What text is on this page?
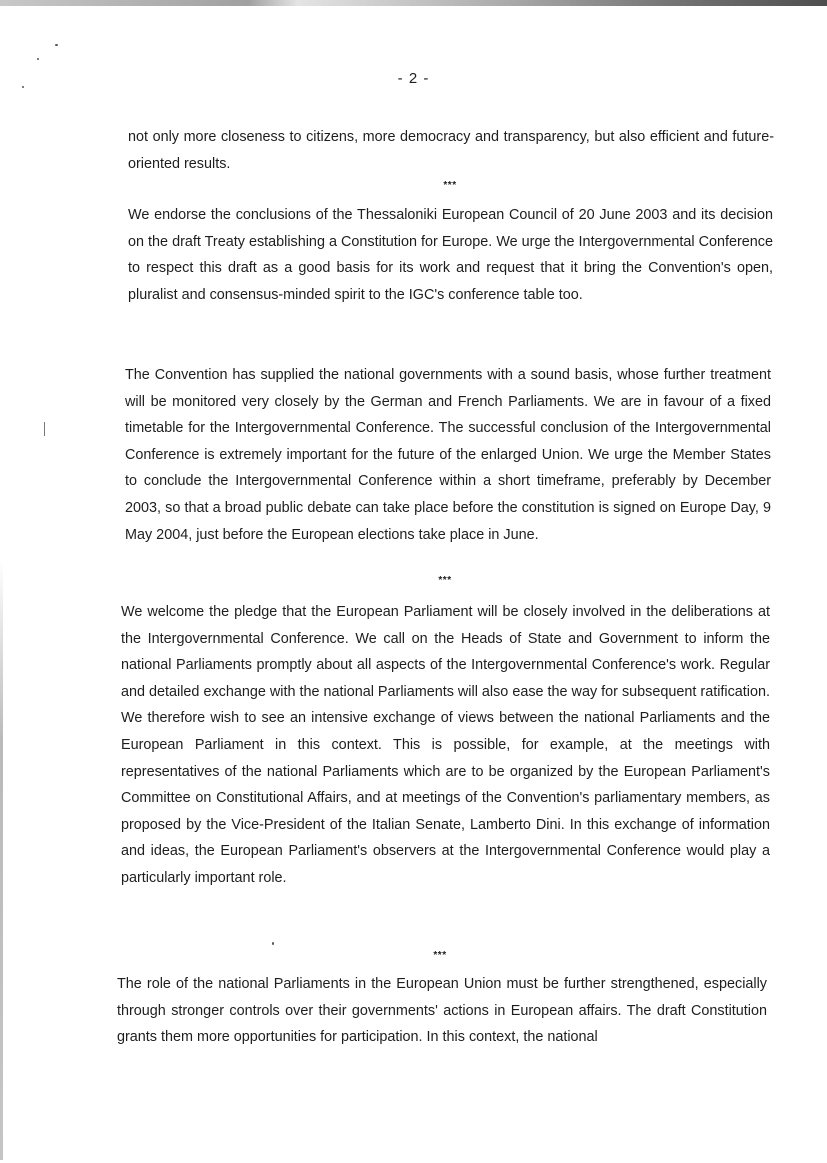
- 2 -

not only more closeness to citizens, more democracy and transparency, but also efficient and future-oriented results.

***

We endorse the conclusions of the Thessaloniki European Council of 20 June 2003 and its decision on the draft Treaty establishing a Constitution for Europe. We urge the Intergovernmental Conference to respect this draft as a good basis for its work and request that it bring the Convention's open, pluralist and consensus-minded spirit to the IGC's conference table too.

The Convention has supplied the national governments with a sound basis, whose further treatment will be monitored very closely by the German and French Parliaments. We are in favour of a fixed timetable for the Intergovernmental Conference. The successful conclusion of the Intergovernmental Conference is extremely important for the future of the enlarged Union. We urge the Member States to conclude the Intergovernmental Conference within a short timeframe, preferably by December 2003, so that a broad public debate can take place before the constitution is signed on Europe Day, 9 May 2004, just before the European elections take place in June.

***

We welcome the pledge that the European Parliament will be closely involved in the deliberations at the Intergovernmental Conference. We call on the Heads of State and Government to inform the national Parliaments promptly about all aspects of the Intergovernmental Conference's work. Regular and detailed exchange with the national Parliaments will also ease the way for subsequent ratification. We therefore wish to see an intensive exchange of views between the national Parliaments and the European Parliament in this context. This is possible, for example, at the meetings with representatives of the national Parliaments which are to be organized by the European Parliament's Committee on Constitutional Affairs, and at meetings of the Convention's parliamentary members, as proposed by the Vice-President of the Italian Senate, Lamberto Dini. In this exchange of information and ideas, the European Parliament's observers at the Intergovernmental Conference would play a particularly important role.

***

The role of the national Parliaments in the European Union must be further strengthened, especially through stronger controls over their governments' actions in European affairs. The draft Constitution grants them more opportunities for participation. In this context, the national
